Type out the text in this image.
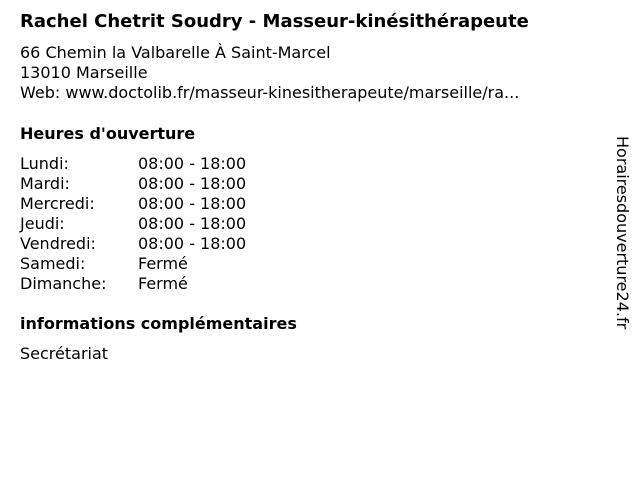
Rachel Chetrit Soudry - Masseur-kinésithérapeute
66 Chemin la Valbarelle À Saint-Marcel
13010 Marseille
Web: www.doctolib.fr/masseur-kinesitherapeute/marseille/ra...
Heures d'ouverture
Lundi:	08:00 - 18:00
Mardi:	08:00 - 18:00
Mercredi:	08:00 - 18:00
Jeudi:	08:00 - 18:00
Vendredi:	08:00 - 18:00
Samedi:	Fermé
Dimanche: Fermé
informations complémentaires
Secrétariat
Horairesdouverture24.fr
